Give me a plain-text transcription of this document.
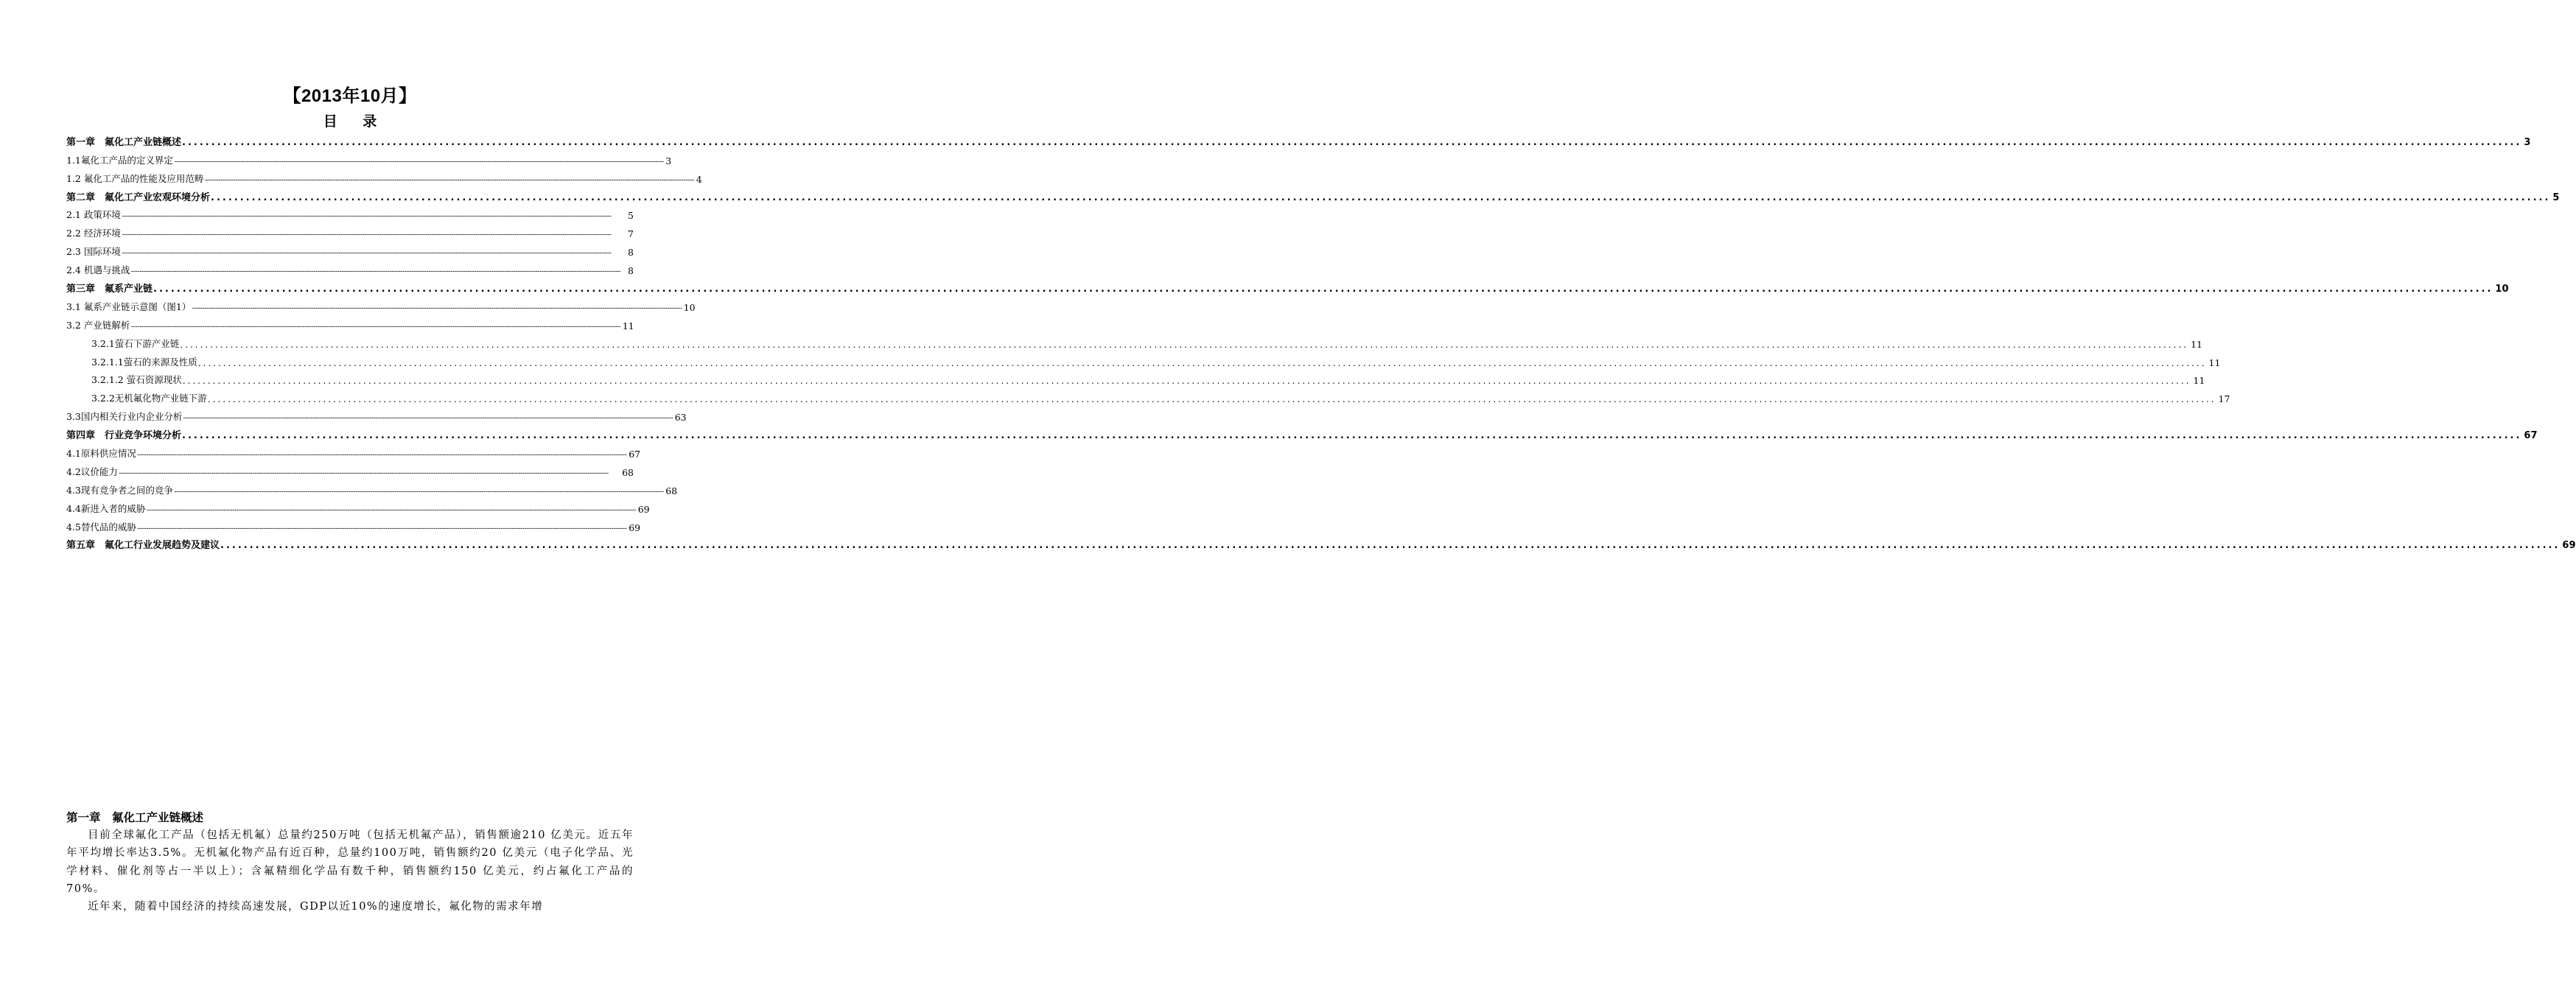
【2013年10月】
目 录
第一章　氟化工产业链概述 ................................................................................................................................................................................................................................................................................................................................................................................................................ 3
1.1氟化工产品的定义界定 ................................................................................................................................................................................................................................................................................................................................................................................................................ 3
1.2 氟化工产品的性能及应用范畴 ................................................................................................................................................................................................................................................................................................................................................................................................................ 4
第二章　氟化工产业宏观环境分析 ................................................................................................................................................................................................................................................................................................................................................................................................................ 5
2.1 政策环境 ................................................................................................................................................................................................................................................................................................................................................................................................................	5
2.2 经济环境 ................................................................................................................................................................................................................................................................................................................................................................................................................	7
2.3 国际环境 ................................................................................................................................................................................................................................................................................................................................................................................................................	8
2.4 机遇与挑战 ................................................................................................................................................................................................................................................................................................................................................................................................................ 8
第三章　氟系产业链 ................................................................................................................................................................................................................................................................................................................................................................................................................ 10
3.1 氟系产业链示意图（图1） ................................................................................................................................................................................................................................................................................................................................................................................................................ 10
3.2 产业链解析 ................................................................................................................................................................................................................................................................................................................................................................................................................ 11
3.2.1萤石下游产业链 ................................................................................................................................................................................................................................................................................................................................................................................................................ 11
3.2.1.1萤石的来源及性质 ................................................................................................................................................................................................................................................................................................................................................................................................................ 11
3.2.1.2 萤石资源现状 ................................................................................................................................................................................................................................................................................................................................................................................................................ 11
3.2.2无机氟化物产业链下游 ................................................................................................................................................................................................................................................................................................................................................................................................................ 17
3.3国内相关行业内企业分析 ................................................................................................................................................................................................................................................................................................................................................................................................................ 63
第四章　行业竞争环境分析 ................................................................................................................................................................................................................................................................................................................................................................................................................ 67
4.1原料供应情况 ................................................................................................................................................................................................................................................................................................................................................................................................................ 67
4.2议价能力 ................................................................................................................................................................................................................................................................................................................................................................................................................	68
4.3现有竞争者之间的竞争 ................................................................................................................................................................................................................................................................................................................................................................................................................ 68
4.4新进入者的威胁 ................................................................................................................................................................................................................................................................................................................................................................................................................ 69
4.5替代品的威胁 ................................................................................................................................................................................................................................................................................................................................................................................................................ 69
第五章　氟化工行业发展趋势及建议 ................................................................................................................................................................................................................................................................................................................................................................................................................ 69
第一章　氟化工产业链概述

目前全球氟化工产品（包括无机氟）总量约250万吨（包括无机氟产品），销售额逾210 亿美元。近五年年平均增长率达3.5%。无机氟化物产品有近百种，总量约100万吨，销售额约20 亿美元（电子化学品、光学材料、催化剂等占一半以上）；含氟精细化学品有数千种，销售额约150 亿美元，约占氟化工产品的70%。

近年来，随着中国经济的持续高速发展，GDP以近10%的速度增长，氟化物的需求年增
